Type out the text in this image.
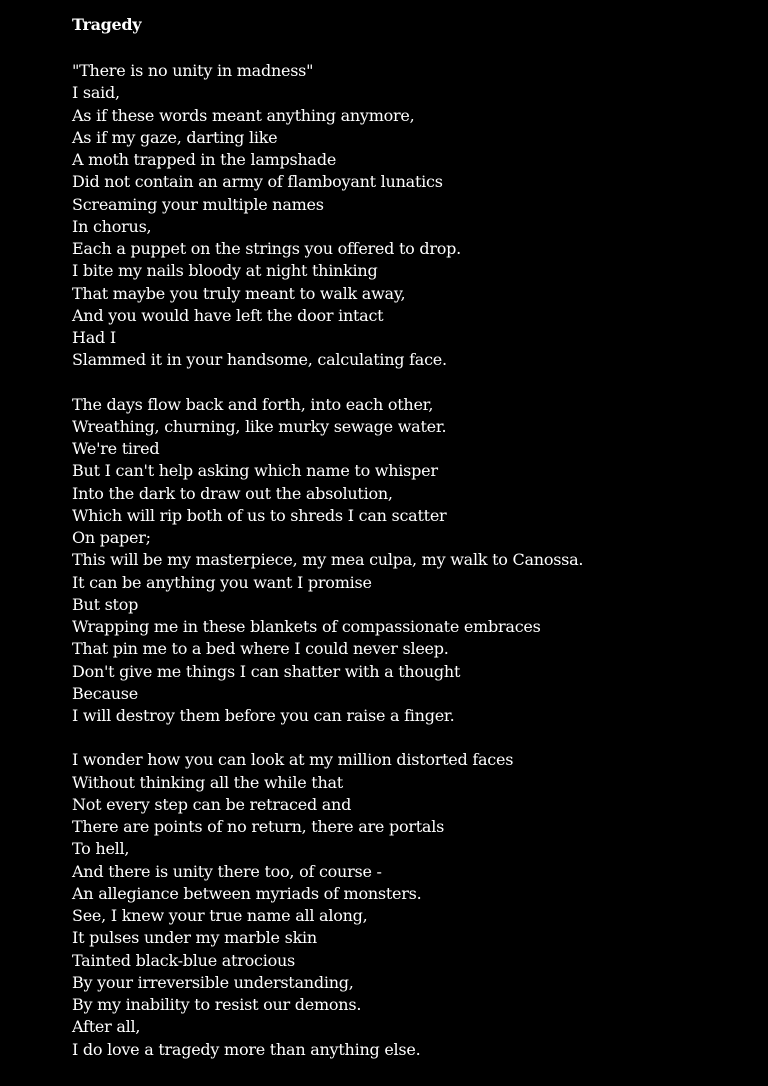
Tragedy
"There is no unity in madness"
I said,
As if these words meant anything anymore,
As if my gaze, darting like
A moth trapped in the lampshade
Did not contain an army of flamboyant lunatics
Screaming your multiple names
In chorus,
Each a puppet on the strings you offered to drop.
I bite my nails bloody at night thinking
That maybe you truly meant to walk away,
And you would have left the door intact
Had I
Slammed it in your handsome, calculating face.
The days flow back and forth, into each other,
Wreathing, churning, like murky sewage water.
We're tired
But I can't help asking which name to whisper
Into the dark to draw out the absolution,
Which will rip both of us to shreds I can scatter
On paper;
This will be my masterpiece, my mea culpa, my walk to Canossa.
It can be anything you want I promise
But stop
Wrapping me in these blankets of compassionate embraces
That pin me to a bed where I could never sleep.
Don't give me things I can shatter with a thought
Because
I will destroy them before you can raise a finger.
I wonder how you can look at my million distorted faces
Without thinking all the while that
Not every step can be retraced and
There are points of no return, there are portals
To hell,
And there is unity there too, of course -
An allegiance between myriads of monsters.
See, I knew your true name all along,
It pulses under my marble skin
Tainted black-blue atrocious
By your irreversible understanding,
By my inability to resist our demons.
After all,
I do love a tragedy more than anything else.
